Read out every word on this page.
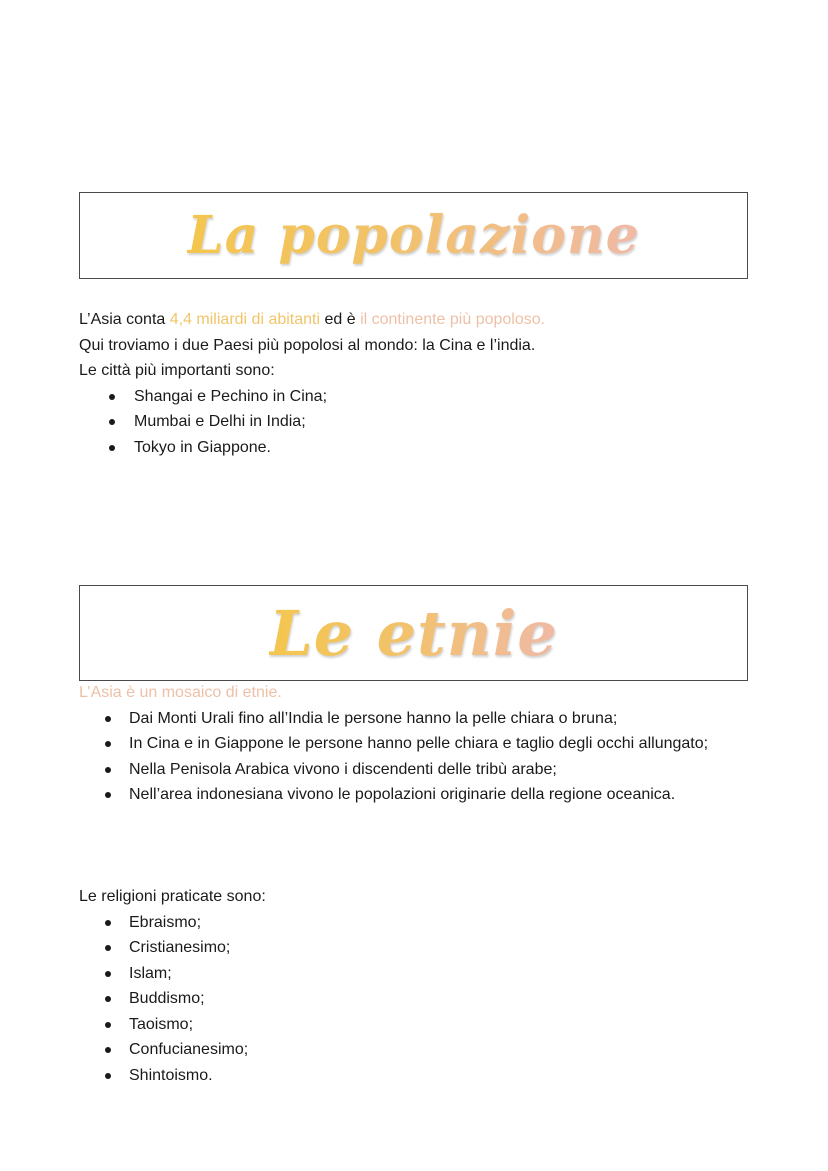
La popolazione

L’Asia conta 4,4 miliardi di abitanti ed è il continente più popoloso.

Qui troviamo i due Paesi più popolosi al mondo: la Cina e l’india.

Le città più importanti sono:

Shangai e Pechino in Cina;
Mumbai e Delhi in India;
Tokyo in Giappone.
Le etnie

L’Asia è un mosaico di etnie.

Dai Monti Urali fino all’India le persone hanno la pelle chiara o bruna;
In Cina e in Giappone le persone hanno pelle chiara e taglio degli occhi allungato;
Nella Penisola Arabica vivono i discendenti delle tribù arabe;
Nell’area indonesiana vivono le popolazioni originarie della regione oceanica.

Le religioni praticate sono:

Ebraismo;
Cristianesimo;
Islam;
Buddismo;
Taoismo;
Confucianesimo;
Shintoismo.
